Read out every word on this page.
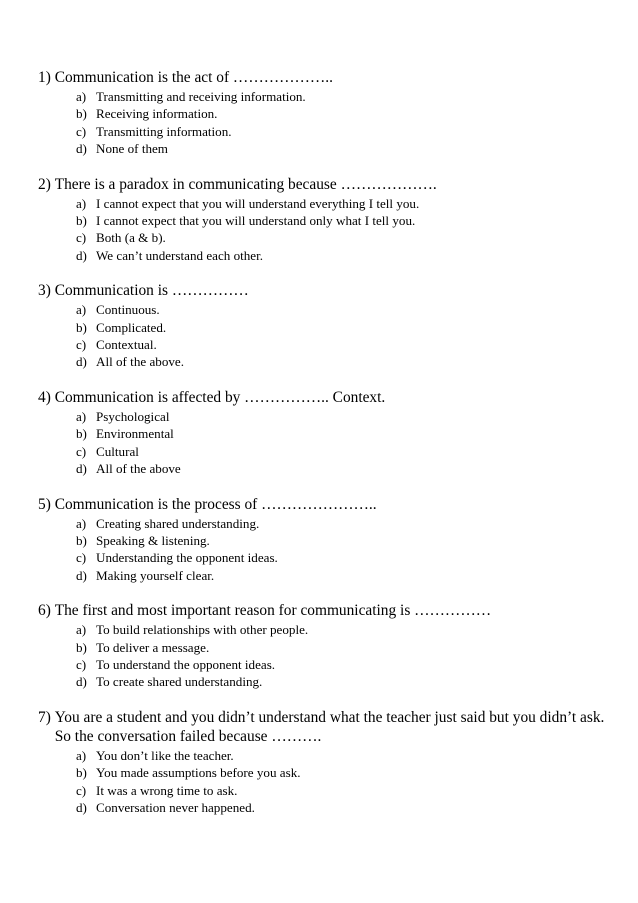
1)
Communication is the act of ………………..
a) Transmitting and receiving information.
b) Receiving information.
c) Transmitting information.
d) None of them
2)
There is a paradox in communicating because ……………….
a) I cannot expect that you will understand everything I tell you.
b) I cannot expect that you will understand only what I tell you.
c) Both (a & b).
d) We can’t understand each other.
3)
Communication is ……………
a) Continuous.
b) Complicated.
c) Contextual.
d) All of the above.
4)
Communication is affected by …………….. Context.
a) Psychological
b) Environmental
c) Cultural
d) All of the above
5)
Communication is the process of …………………..
a) Creating shared understanding.
b) Speaking & listening.
c) Understanding the opponent ideas.
d) Making yourself clear.
6)
The first and most important reason for communicating is ……………
a) To build relationships with other people.
b) To deliver a message.
c) To understand the opponent ideas.
d) To create shared understanding.
7)
You are a student and you didn’t understand what the teacher just said but you didn’t ask. So the conversation failed because ……….
a) You don’t like the teacher.
b) You made assumptions before you ask.
c) It was a wrong time to ask.
d) Conversation never happened.
